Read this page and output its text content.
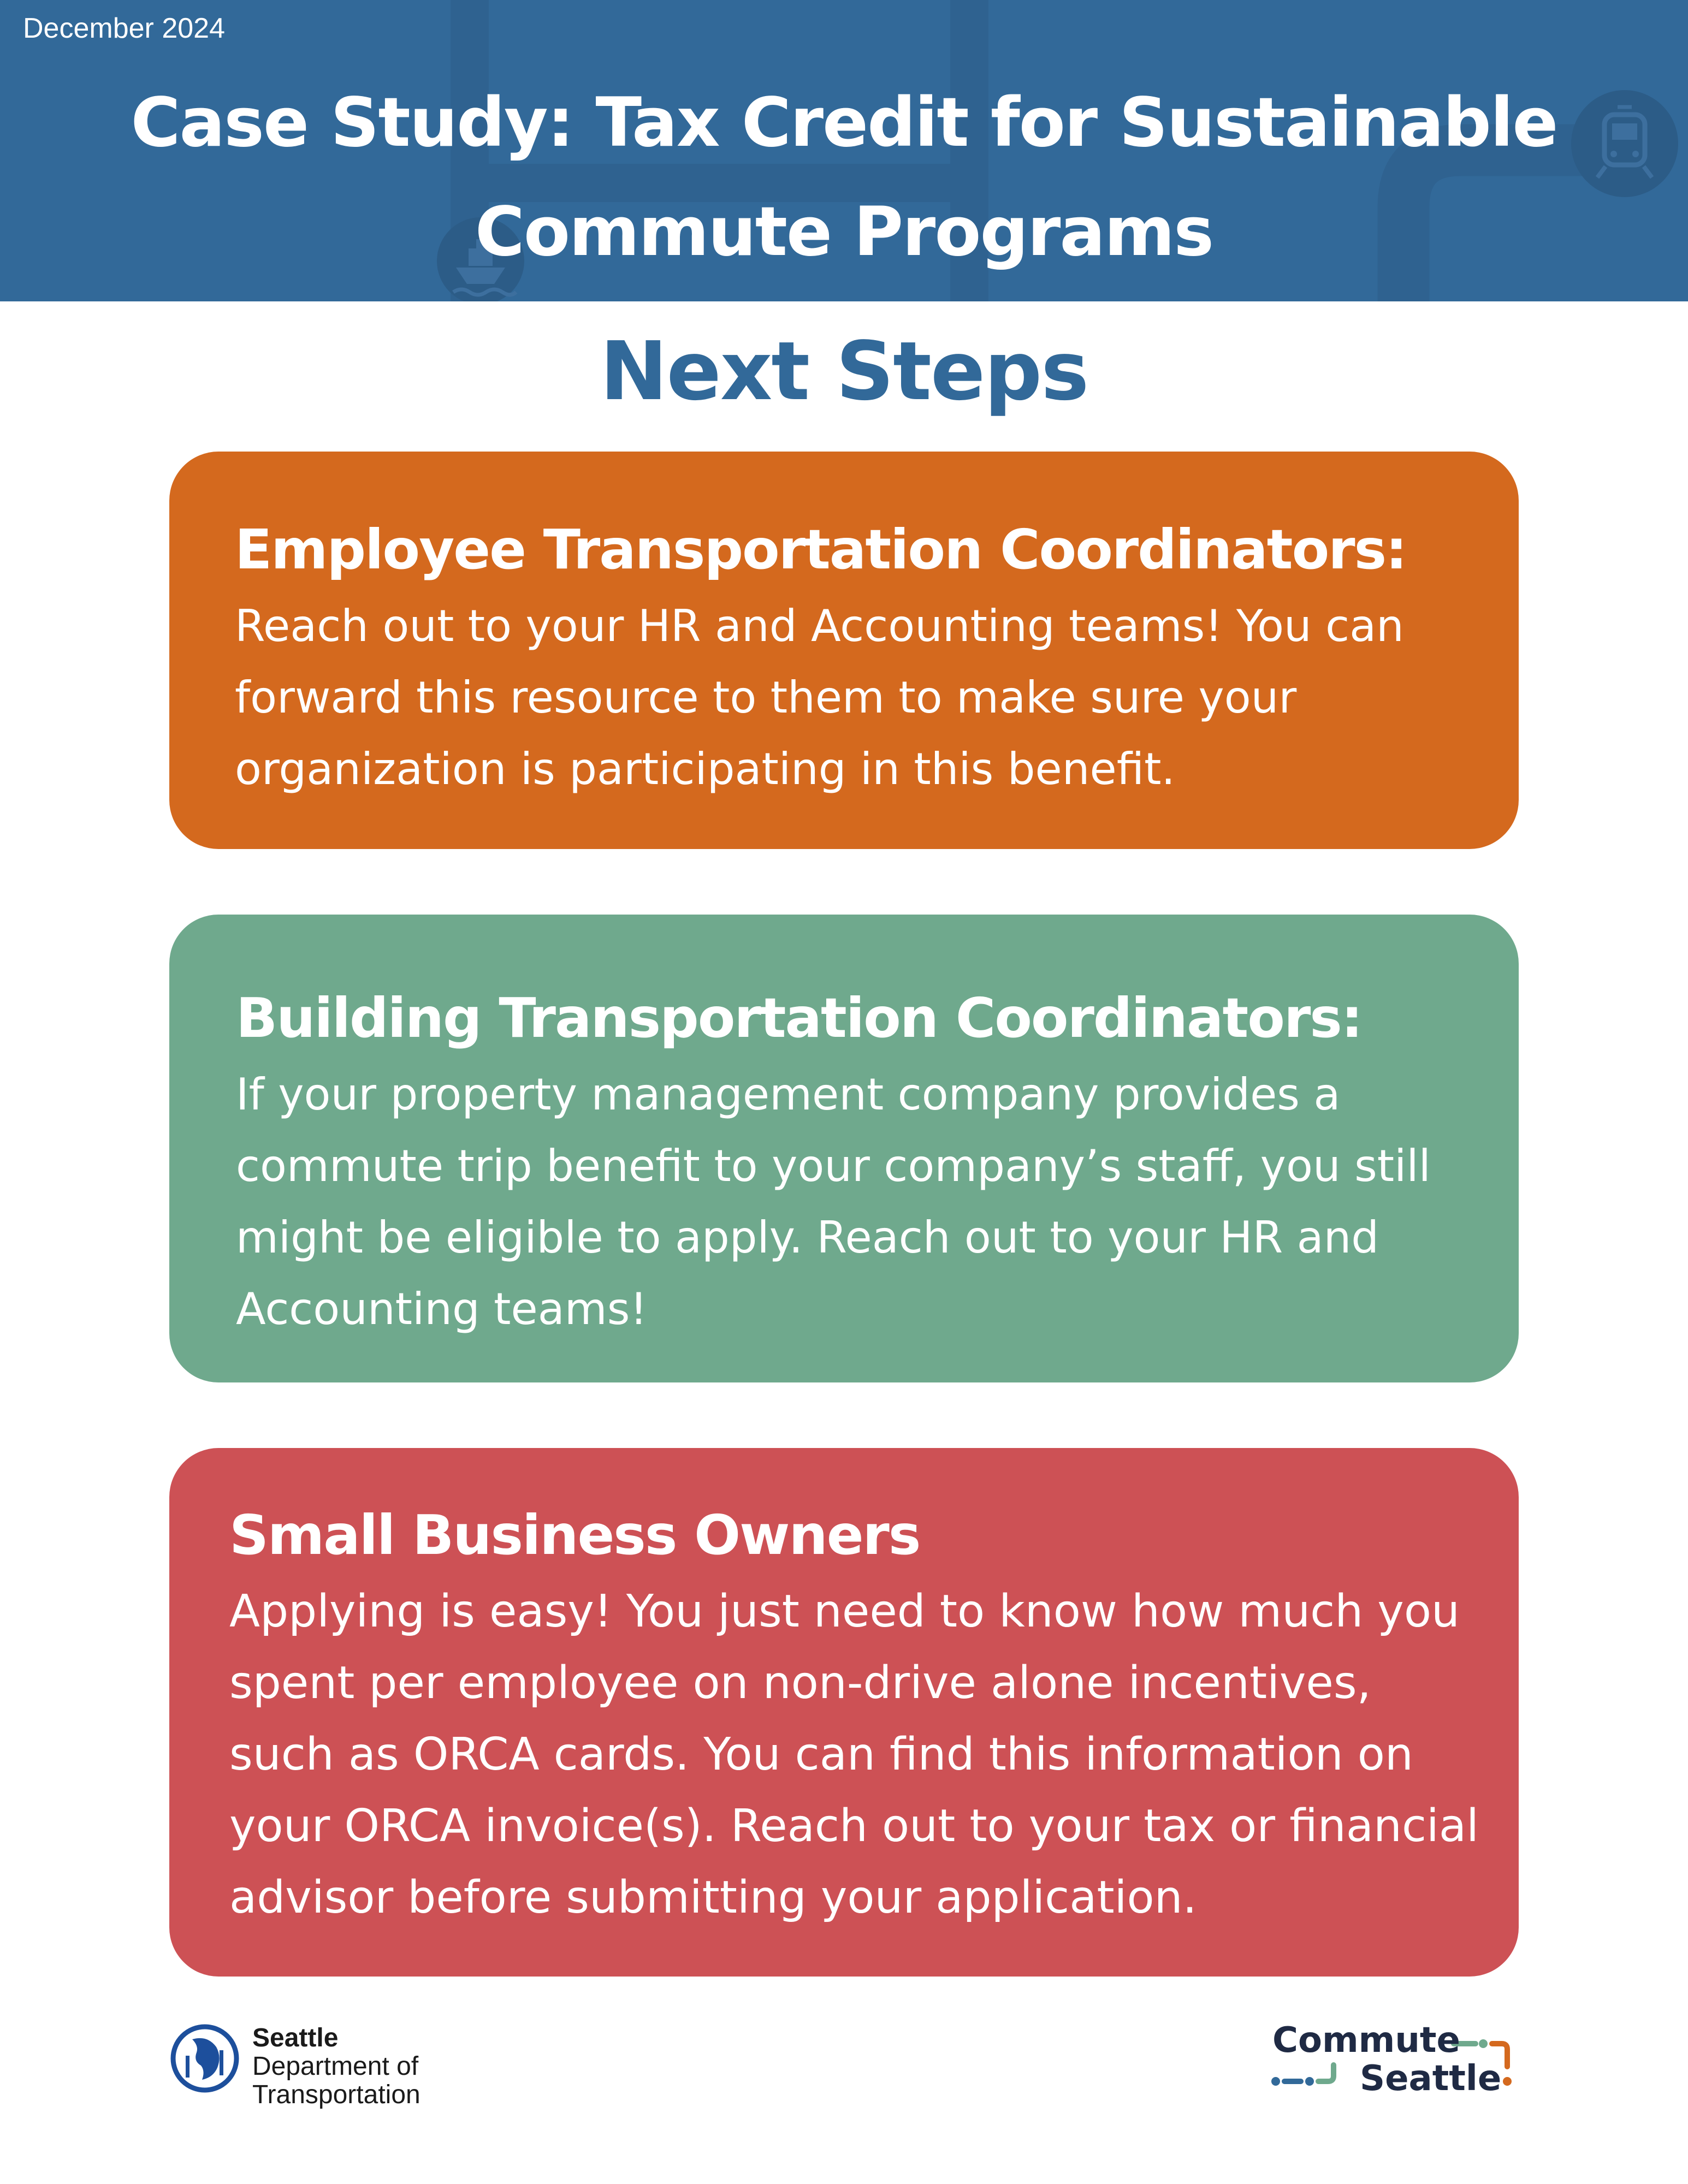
December 2024
Case Study: Tax Credit for Sustainable
Commute Programs
Next Steps

Employee Transportation Coordinators:

Reach out to your HR and Accounting teams! You can
forward this resource to them to make sure your
organization is participating in this benefit.

Building Transportation Coordinators:

If your property management company provides a
commute trip benefit to your company’s staff, you still
might be eligible to apply. Reach out to your HR and
Accounting teams!

Small Business Owners

Applying is easy! You just need to know how much you
spent per employee on non-drive alone incentives,
such as ORCA cards. You can find this information on
your ORCA invoice(s). Reach out to your tax or financial
advisor before submitting your application.

Seattle
Department of
Transportation
Commute
Seattle
